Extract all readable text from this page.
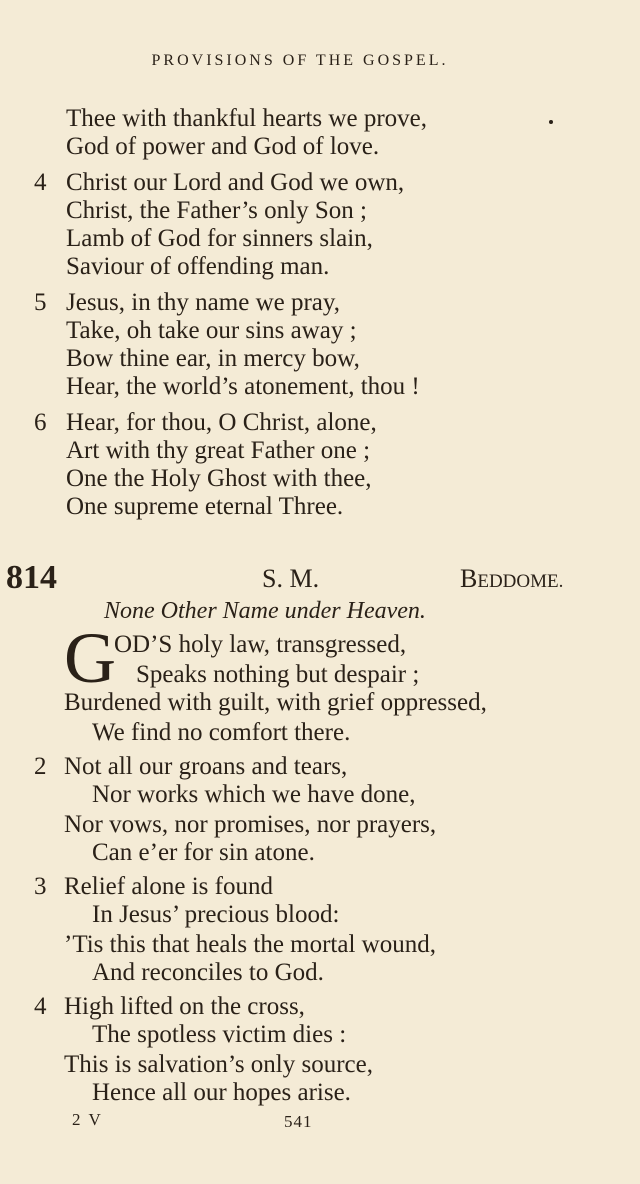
PROVISIONS OF THE GOSPEL.
Thee with thankful hearts we prove,
God of power and God of love.
4 Christ our Lord and God we own,
Christ, the Father’s only Son ;
Lamb of God for sinners slain,
Saviour of offending man.
5 Jesus, in thy name we pray,
Take, oh take our sins away ;
Bow thine ear, in mercy bow,
Hear, the world’s atonement, thou !
6 Hear, for thou, O Christ, alone,
Art with thy great Father one ;
One the Holy Ghost with thee,
One supreme eternal Three.
814	S. M.	BEDDOME.
None Other Name under Heaven.
G
OD’S holy law, transgressed,
Speaks nothing but despair ;
Burdened with guilt, with grief oppressed,
We find no comfort there.
2 Not all our groans and tears,
Nor works which we have done,
Nor vows, nor promises, nor prayers,
Can e’er for sin atone.
3 Relief alone is found
In Jesus’ precious blood:
’Tis this that heals the mortal wound,
And reconciles to God.
4 High lifted on the cross,
The spotless victim dies :
This is salvation’s only source,
Hence all our hopes arise.
2 V	541
